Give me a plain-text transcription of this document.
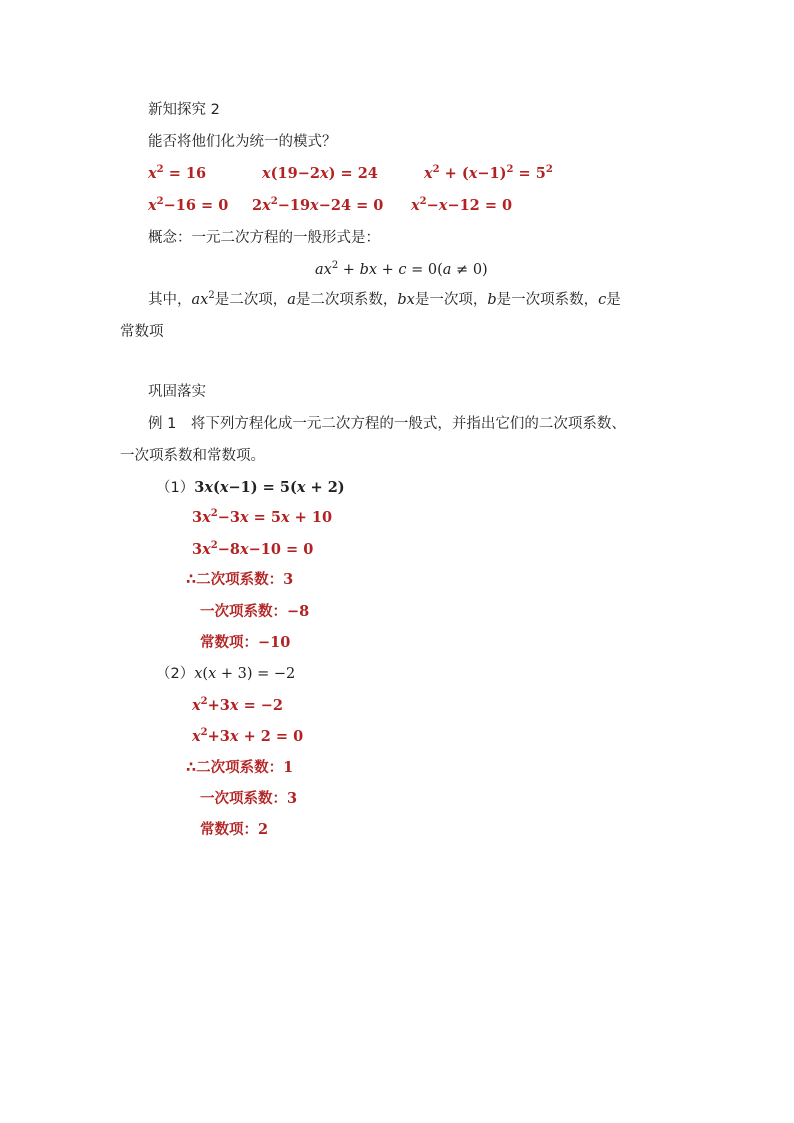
新知探究 2
能否将他们化为统一的模式？
$x^2 = 16$	x(19−2x) = 24	$x^2 + (x-1)^2 = 5^2$
$x^2-16 = 0$ $2x^2-19x-24 = 0$ $x^2-x-12 = 0$
概念：一元二次方程的一般形式是：
$ax^2$ + bx + c = 0(a ≠ 0)
其中，$ax^2$是二次项，a是二次项系数，bx是一次项，b是一次项系数，c是
常数项
巩固落实
例 1　将下列方程化成一元二次方程的一般式，并指出它们的二次项系数、
一次项系数和常数项。
（1）3x(x−1) = 5(x + 2)
$3x^2-3x = 5x + 10$
$3x^2-8x-10 = 0$
∴二次项系数：3
一次项系数：−8
常数项：−10
（2）x(x + 3) = −2
$x^2+3x = -2$
$x^2+3x + 2 = 0$
∴二次项系数：1
一次项系数：3
常数项：2
